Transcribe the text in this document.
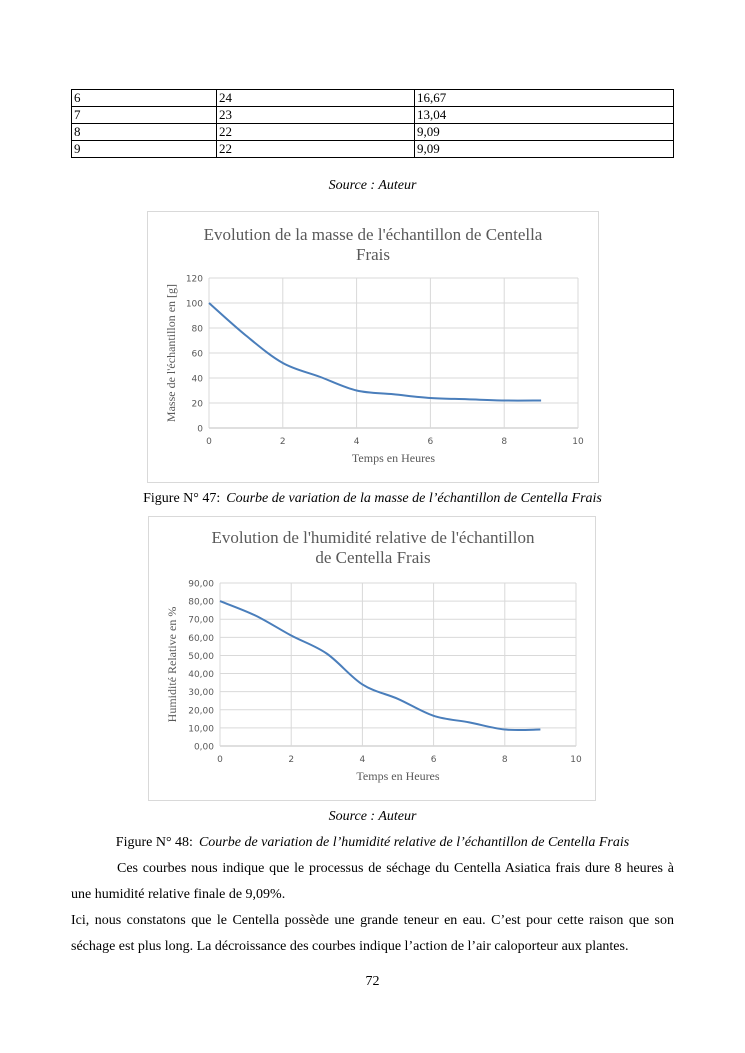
6	24	16,67
7	23	13,04
8	22	9,09
9	22	9,09
Source : Auteur
Evolution de la masse de l'échantillon de Centella
Frais
0
20
40
60
80
100
120
0	2	4	6	8	10
Temps en Heures
Masse de l'échantillon en [g]
Figure N° 47: Courbe de variation de la masse de l’échantillon de Centella Frais
Evolution de l'humidité relative de l'échantillon
de Centella Frais
0,00
10,00
20,00
30,00
40,00
50,00
60,00
70,00
80,00
90,00
0	2	4	6	8	10
Temps en Heures
Humidité Relative en %
Source : Auteur
Figure N° 48: Courbe de variation de l’humidité relative de l’échantillon de Centella Frais

Ces courbes nous indique que le processus de séchage du Centella Asiatica frais dure 8 heures à une humidité relative finale de 9,09%.

Ici, nous constatons que le Centella possède une grande teneur en eau. C’est pour cette raison que son séchage est plus long. La décroissance des courbes indique l’action de l’air caloporteur aux plantes.

72
